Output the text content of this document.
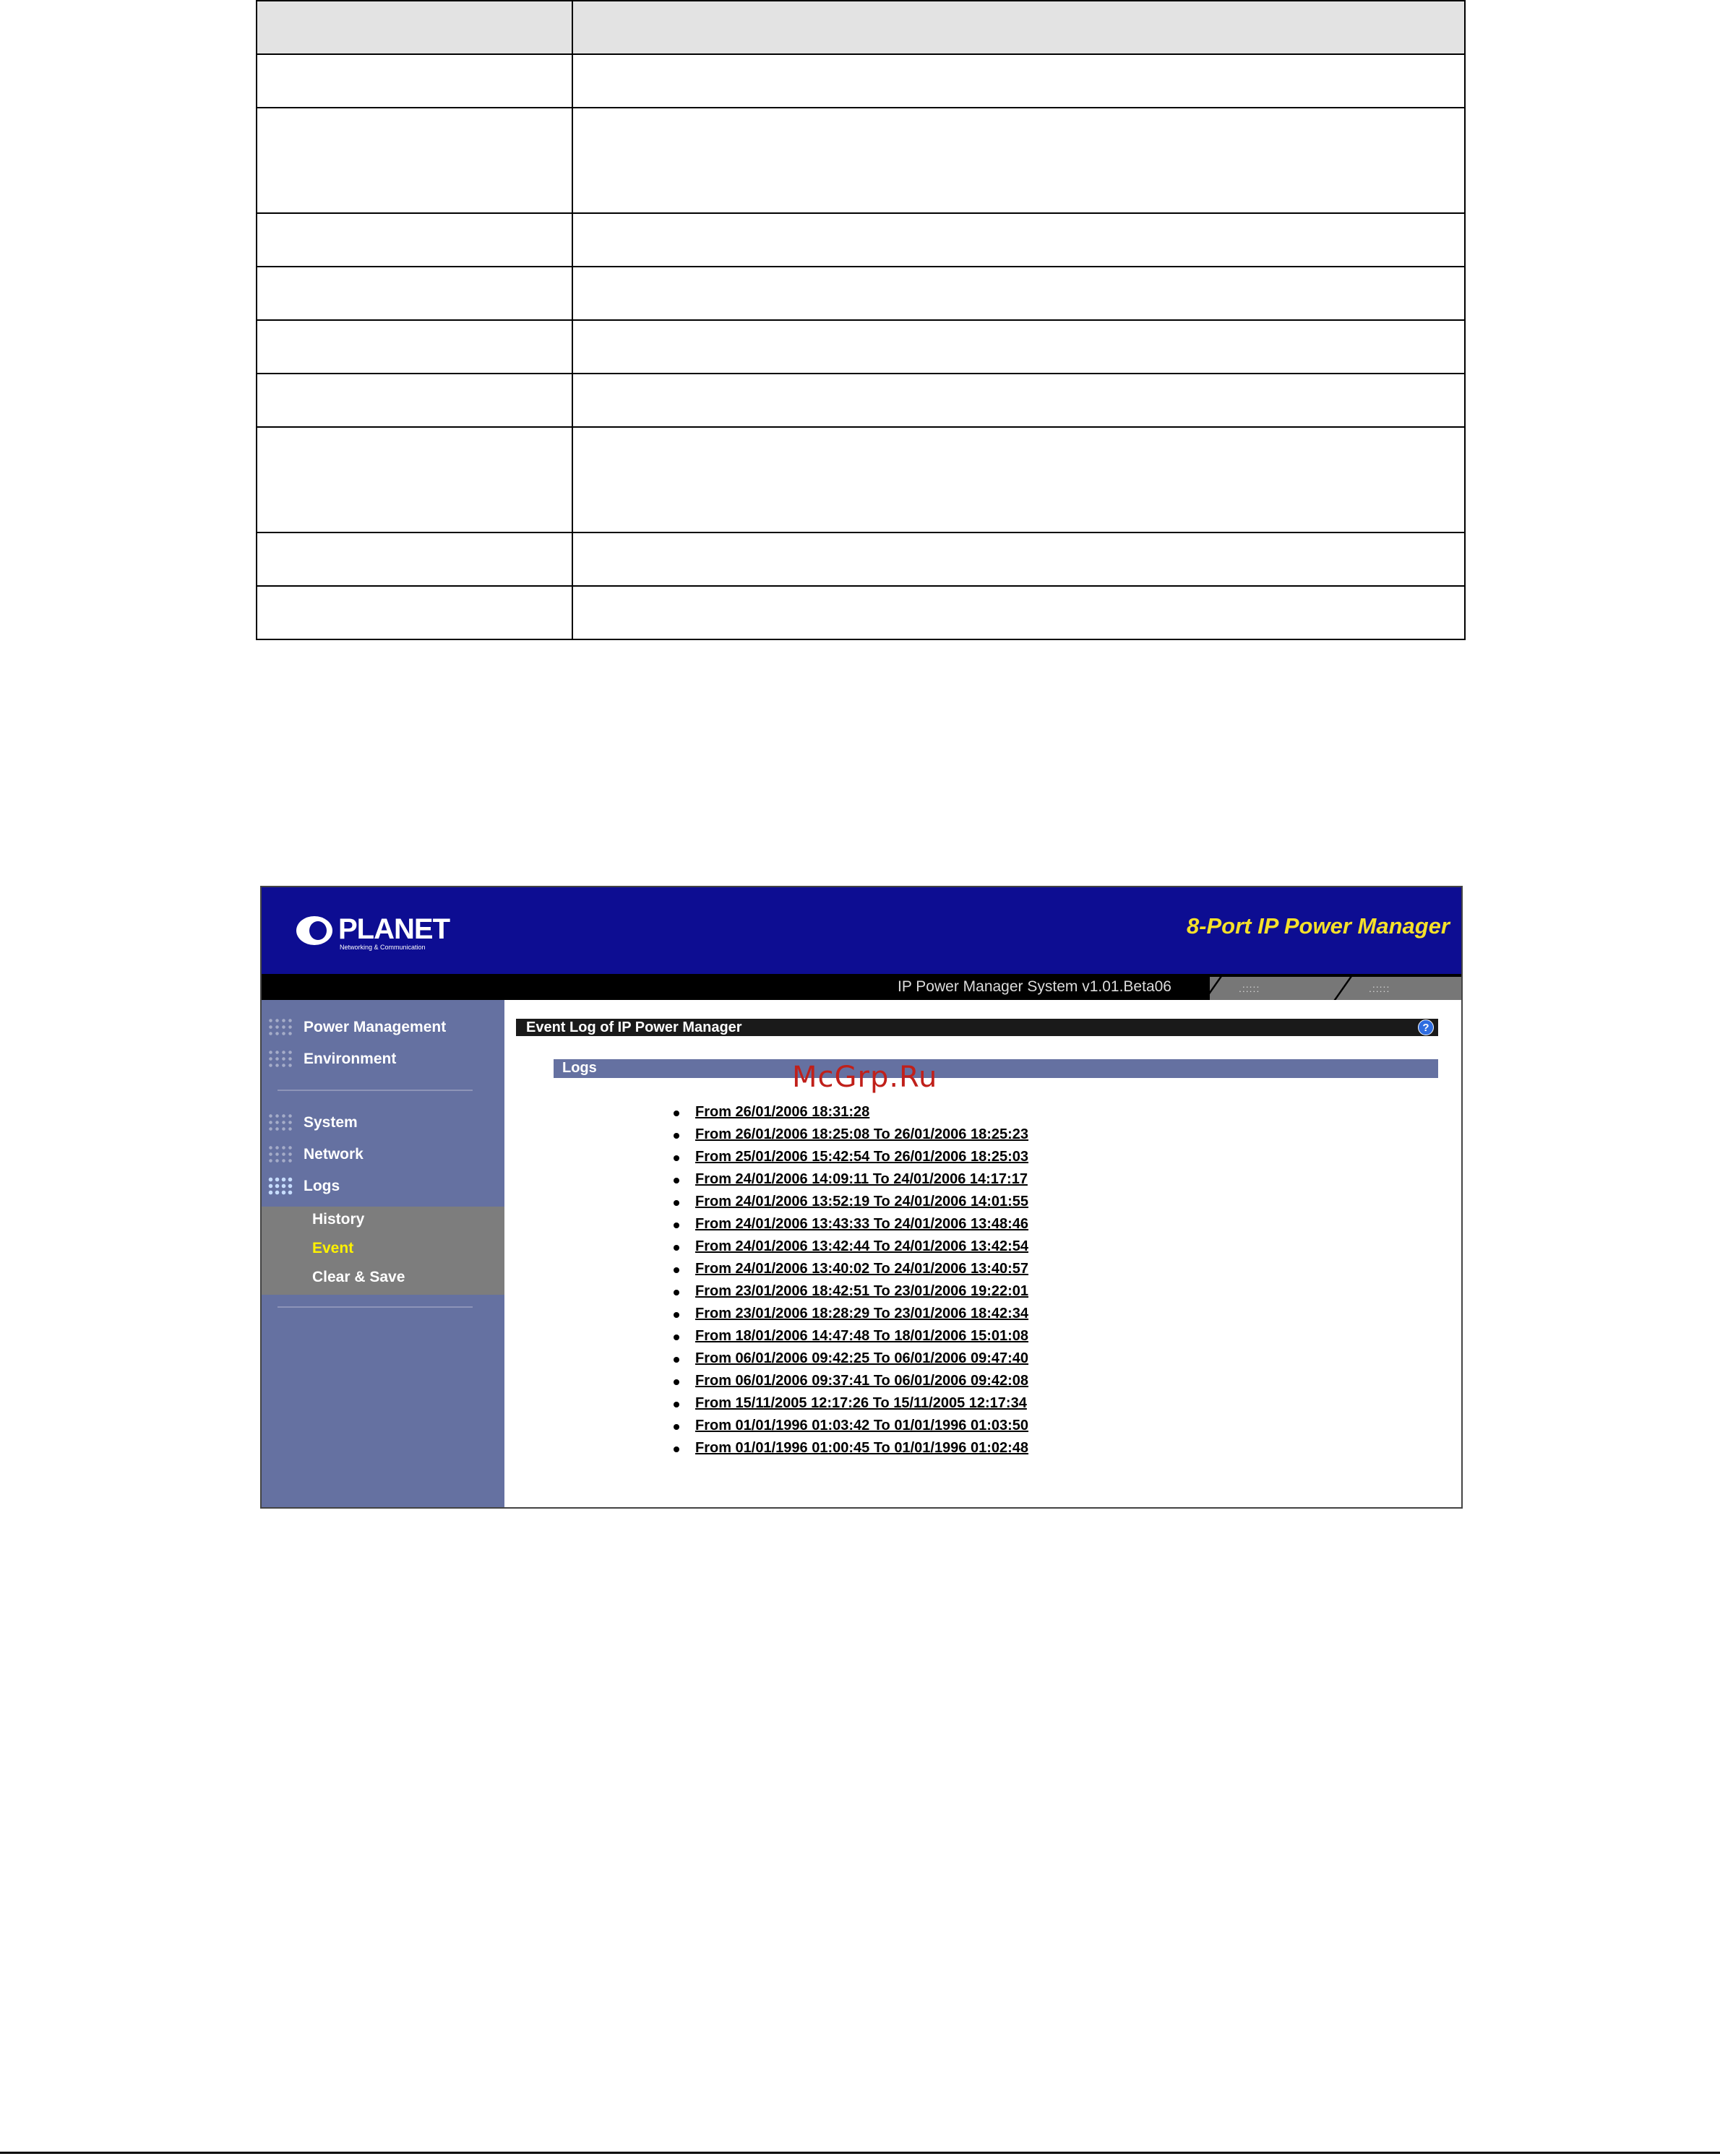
PLANET
Networking & Communication
8-Port IP Power Manager
IP Power Manager System v1.01.Beta06	.:::::	.:::::
Power Management
Environment
System
Network
Logs
History
Event
Clear & Save
Event Log of IP Power Manager	?
Logs
From 26/01/2006 18:31:28
From 26/01/2006 18:25:08 To 26/01/2006 18:25:23
From 25/01/2006 15:42:54 To 26/01/2006 18:25:03
From 24/01/2006 14:09:11 To 24/01/2006 14:17:17
From 24/01/2006 13:52:19 To 24/01/2006 14:01:55
From 24/01/2006 13:43:33 To 24/01/2006 13:48:46
From 24/01/2006 13:42:44 To 24/01/2006 13:42:54
From 24/01/2006 13:40:02 To 24/01/2006 13:40:57
From 23/01/2006 18:42:51 To 23/01/2006 19:22:01
From 23/01/2006 18:28:29 To 23/01/2006 18:42:34
From 18/01/2006 14:47:48 To 18/01/2006 15:01:08
From 06/01/2006 09:42:25 To 06/01/2006 09:47:40
From 06/01/2006 09:37:41 To 06/01/2006 09:42:08
From 15/11/2005 12:17:26 To 15/11/2005 12:17:34
From 01/01/1996 01:03:42 To 01/01/1996 01:03:50
From 01/01/1996 01:00:45 To 01/01/1996 01:02:48
McGrp.Ru
